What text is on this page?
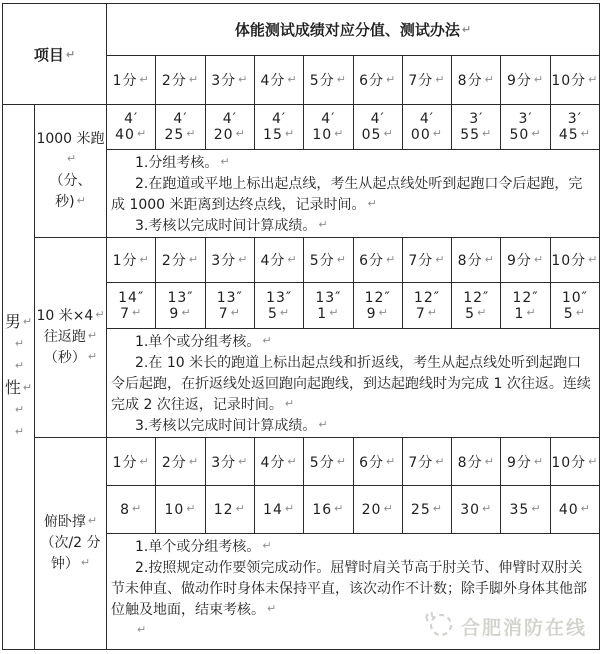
项目 ↵		体能测试成绩对应分值、测试办法 ↵									
		1分 ↵	2分 ↵	3分 ↵	4分 ↵	5分 ↵	6分 ↵	7分 ↵	8分 ↵	9分 ↵	10分 ↵

男 ↵
↵
↵
性 ↵
↵
↵

1000 米跑↵
（分、秒) ↵
	4′ 40 ↵	4′ 25 ↵	4′ 20 ↵	4′ 15 ↵	4′ 10 ↵	4′ 05 ↵	4′ 00 ↵	3′ 55 ↵	3′ 50 ↵	3′ 45 ↵

		1.分组考核。 ↵

2.在跑道或平地上标出起点线，考生从起点线处听到起跑口令后起跑，完成 1000 米距离到达终点线，记录时间。 ↵

3.考核以完成时间计算成绩。 ↵									

	10 米×4 ↵
往返跑 ↵
（秒） ↵	1分 ↵	2分 ↵	3分 ↵	4分 ↵	5分 ↵	6分 ↵	7分 ↵	8分 ↵	9分 ↵	10分 ↵
		14″ 7 ↵	13″ 9 ↵	13″ 7 ↵	13″ 5 ↵	13″ 1 ↵	12″ 9 ↵	12″ 7 ↵	12″ 5 ↵	12″ 1 ↵	10″ 5 ↵

		1.单个或分组考核。 ↵

2.在 10 米长的跑道上标出起点线和折返线，考生从起点线处听到起跑口令后起跑，在折返线处返回跑向起跑线，到达起跑线时为完成 1 次往返。连续完成 2 次往返，记录时间。 ↵

3.考核以完成时间计算成绩。 ↵									

	俯卧撑 ↵
（次/2 分
钟） ↵	1分 ↵	2分 ↵	3分 ↵	4分 ↵	5分 ↵	6分 ↵	7分 ↵	8分 ↵	9分 ↵	10分 ↵
		8 ↵	10 ↵	12 ↵	14 ↵	16 ↵	20 ↵	25 ↵	30 ↵	35 ↵	40 ↵

		1.单个或分组考核。 ↵

2.按照规定动作要领完成动作。屈臂时肩关节高于肘关节、伸臂时双肘关节未伸直、做动作时身体未保持平直，该次动作不计数；除手脚外身体其他部位触及地面，结束考核。 ↵

↵ 合肥消防在线									
